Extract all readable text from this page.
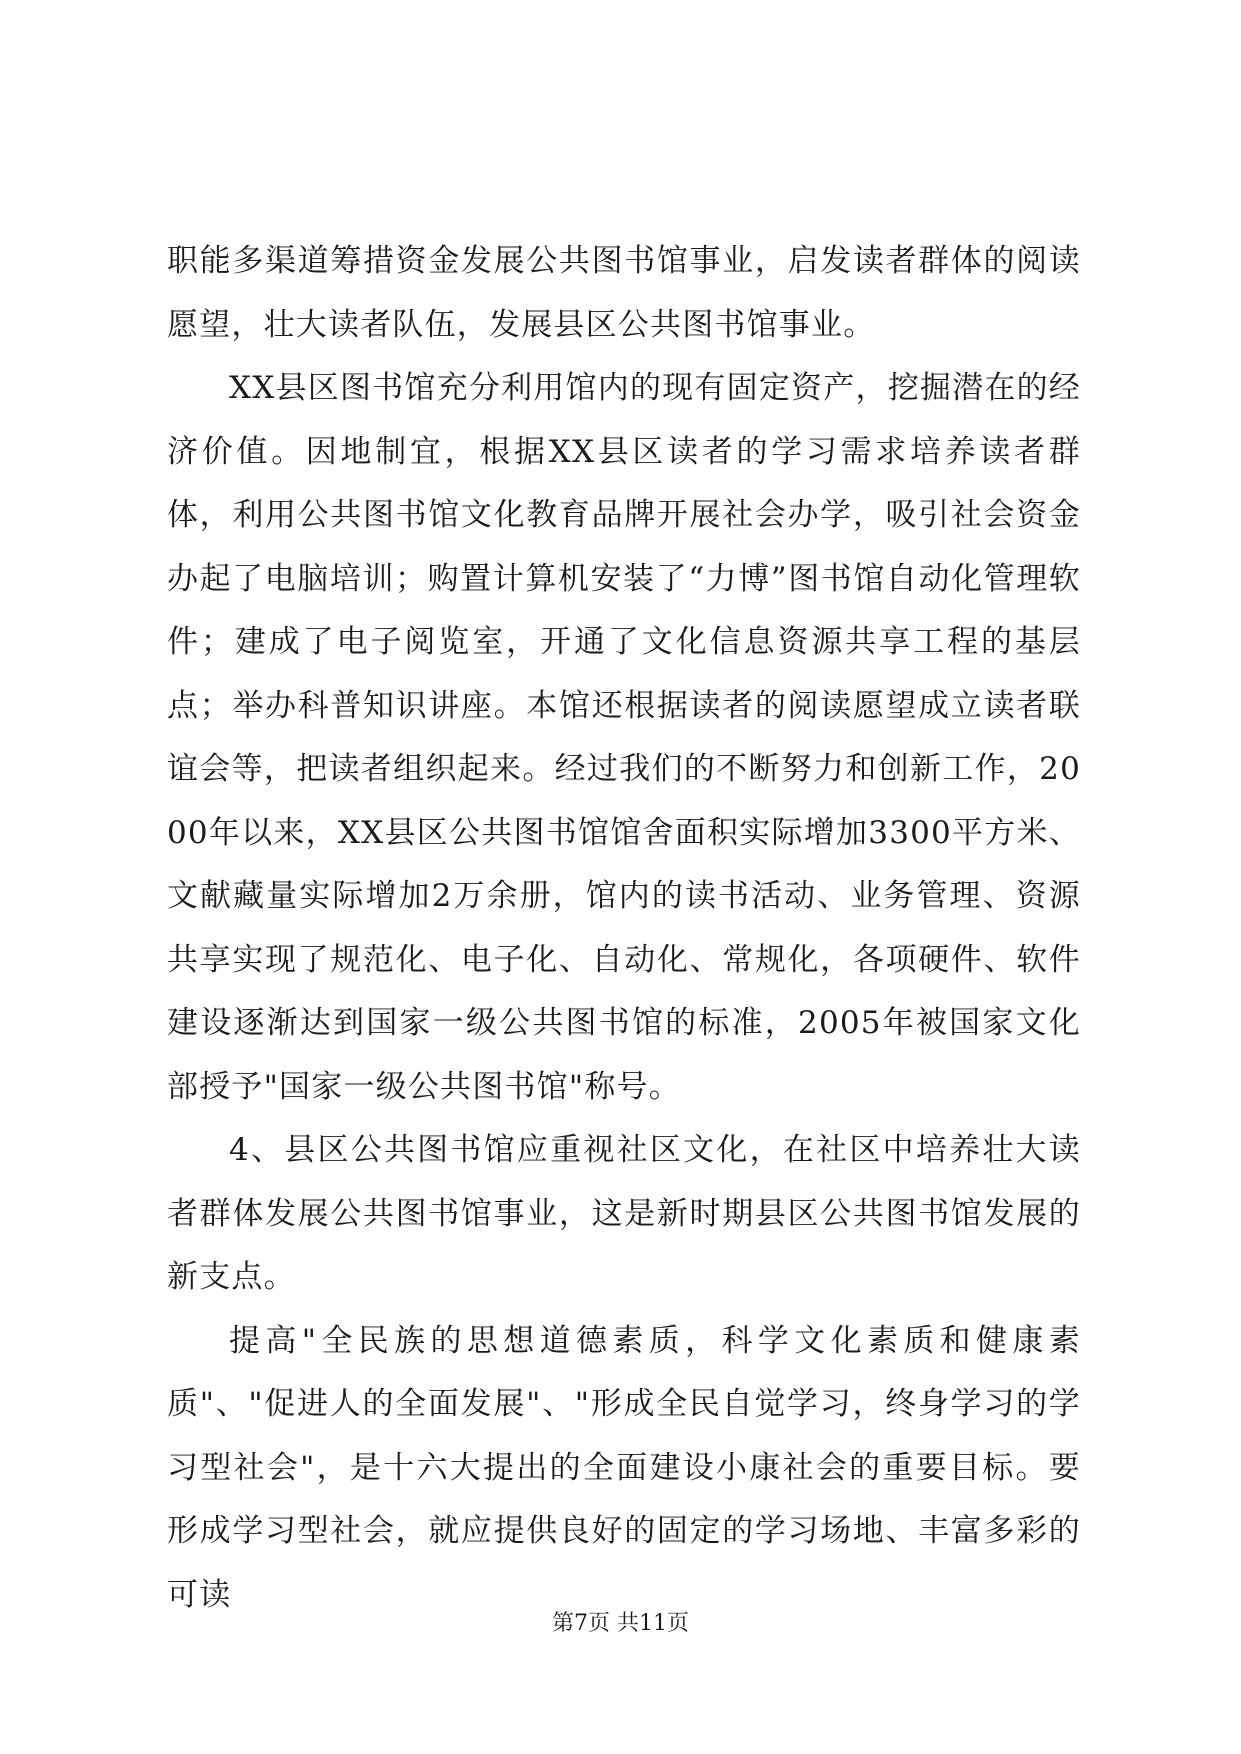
职能多渠道筹措资金发展公共图书馆事业，启发读者群体的阅读愿望，壮大读者队伍，发展县区公共图书馆事业。

XX县区图书馆充分利用馆内的现有固定资产，挖掘潜在的经济价值。因地制宜，根据XX县区读者的学习需求培养读者群体，利用公共图书馆文化教育品牌开展社会办学，吸引社会资金办起了电脑培训；购置计算机安装了“力博”图书馆自动化管理软件；建成了电子阅览室，开通了文化信息资源共享工程的基层点；举办科普知识讲座。本馆还根据读者的阅读愿望成立读者联谊会等，把读者组织起来。经过我们的不断努力和创新工作，2000年以来，XX县区公共图书馆馆舍面积实际增加3300平方米、文献藏量实际增加2万余册，馆内的读书活动、业务管理、资源共享实现了规范化、电子化、自动化、常规化，各项硬件、软件建设逐渐达到国家一级公共图书馆的标准，2005年被国家文化部授予"国家一级公共图书馆"称号。

4、县区公共图书馆应重视社区文化，在社区中培养壮大读者群体发展公共图书馆事业，这是新时期县区公共图书馆发展的新支点。

提高"全民族的思想道德素质，科学文化素质和健康素质"、"促进人的全面发展"、"形成全民自觉学习，终身学习的学习型社会"，是十六大提出的全面建设小康社会的重要目标。要形成学习型社会，就应提供良好的固定的学习场地、丰富多彩的可读

第7页 共11页
